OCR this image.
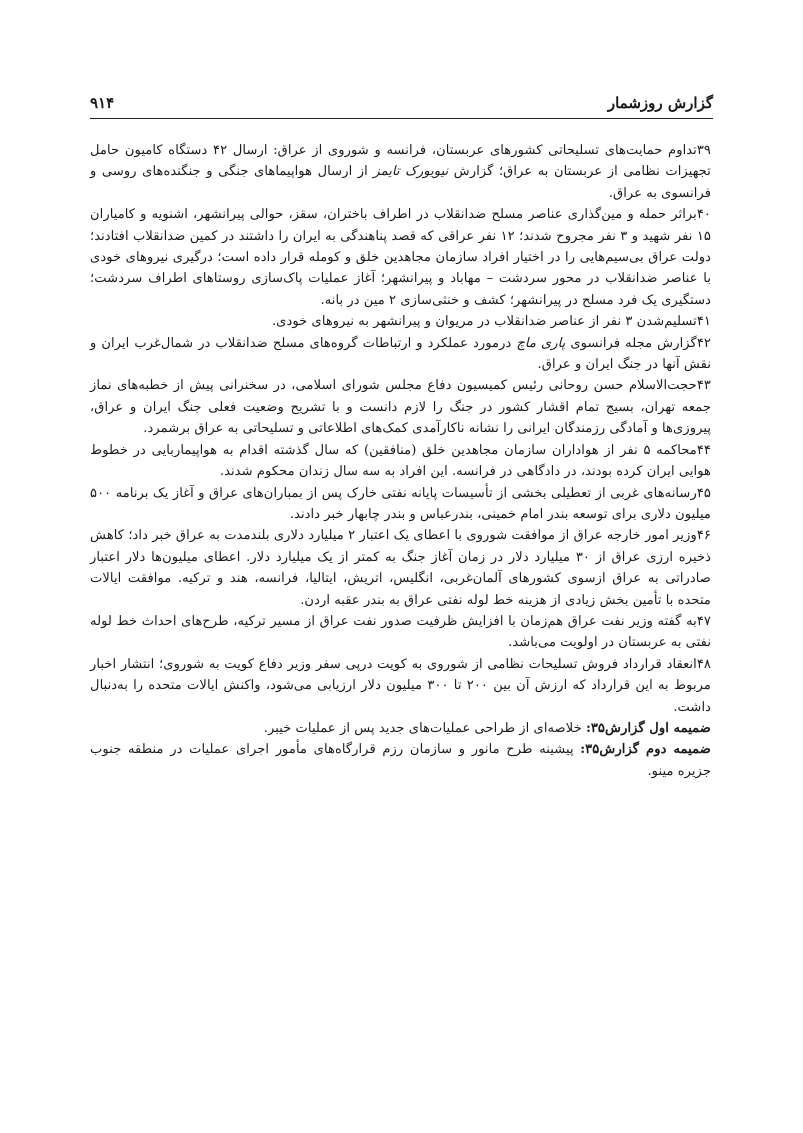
گزارش روزشمار
۹۱۴

۳۹تداوم حمایت‌های تسلیحاتی کشورهای عربستان، فرانسه و شوروی از عراق: ارسال ۴۲ دستگاه کامیون حامل تجهیزات نظامی از عربستان به عراق؛ گزارش نیویورک تایمز از ارسال هواپیماهای جنگی و جنگنده‌های روسی و فرانسوی به عراق.

۴۰براثر حمله و مین‌گذاری عناصر مسلح ضدانقلاب در اطراف باختران، سقز، حوالی پیرانشهر، اشنویه و کامیاران ۱۵ نفر شهید و ۳ نفر مجروح شدند؛ ۱۲ نفر عراقی که قصد پناهندگی به ایران را داشتند در کمین ضدانقلاب افتادند؛ دولت عراق بی‌سیم‌هایی را در اختیار افراد سازمان مجاهدین خلق و کومله قرار داده است؛ درگیری نیروهای خودی با عناصر ضدانقلاب در محور سردشت – مهاباد و پیرانشهر؛ آغاز عملیات پاک‌سازی روستاهای اطراف سردشت؛ دستگیری یک فرد مسلح در پیرانشهر؛ کشف و خنثی‌سازی ۲ مین در بانه.

۴۱تسلیم‌شدن ۳ نفر از عناصر ضدانقلاب در مریوان و پیرانشهر به نیروهای خودی.

۴۲گزارش مجله فرانسوی پاری ماچ درمورد عملکرد و ارتباطات گروه‌های مسلح ضدانقلاب در شمال‌غرب ایران و نقش آنها در جنگ ایران و عراق.

۴۳حجت‌الاسلام حسن روحانی رئیس کمیسیون دفاع مجلس شورای اسلامی، در سخنرانی پیش از خطبه‌های نماز جمعه تهران، بسیج تمام اقشار کشور در جنگ را لازم دانست و با تشریح وضعیت فعلی جنگ ایران و عراق، پیروزی‌ها و آمادگی رزمندگان ایرانی را نشانه ناکارآمدی کمک‌های اطلاعاتی و تسلیحاتی به عراق برشمرد.

۴۴محاکمه ۵ نفر از هواداران سازمان مجاهدین خلق (منافقین) که سال گذشته اقدام به هواپیماربایی در خطوط هوایی ایران کرده بودند، در دادگاهی در فرانسه. این افراد به سه سال زندان محکوم شدند.

۴۵رسانه‌های غربی از تعطیلی بخشی از تأسیسات پایانه نفتی خارک پس از بمباران‌های عراق و آغاز یک برنامه ۵۰۰ میلیون دلاری برای توسعه بندر امام خمینی، بندرعباس و بندر چابهار خبر دادند.

۴۶وزیر امور خارجه عراق از موافقت شوروی با اعطای یک اعتبار ۲ میلیارد دلاری بلندمدت به عراق خبر داد؛ کاهش ذخیره ارزی عراق از ۳۰ میلیارد دلار در زمان آغاز جنگ به کمتر از یک میلیارد دلار. اعطای میلیون‌ها دلار اعتبار صادراتی به عراق ازسوی کشورهای آلمان‌غربی، انگلیس، اتریش، ایتالیا، فرانسه، هند و ترکیه. موافقت ایالات متحده با تأمین بخش زیادی از هزینه خط لوله نفتی عراق به بندر عقبه اردن.

۴۷به گفته وزیر نفت عراق هم‌زمان با افزایش ظرفیت صدور نفت عراق از مسیر ترکیه، طرح‌های احداث خط لوله نفتی به عربستان در اولویت می‌باشد.

۴۸انعقاد قرارداد فروش تسلیحات نظامی از شوروی به کویت درپی سفر وزیر دفاع کویت به شوروی؛ انتشار اخبار مربوط به این قرارداد که ارزش آن بین ۲۰۰ تا ۳۰۰ میلیون دلار ارزیابی می‌شود، واکنش ایالات متحده را به‌دنبال داشت.

ضمیمه اول گزارش۳۵: خلاصه‌ای از طراحی عملیات‌های جدید پس از عملیات خیبر.

ضمیمه دوم گزارش۳۵: پیشینه طرح مانور و سازمان رزم قرارگاه‌های مأمور اجرای عملیات در منطقه جنوب جزیره مینو.
